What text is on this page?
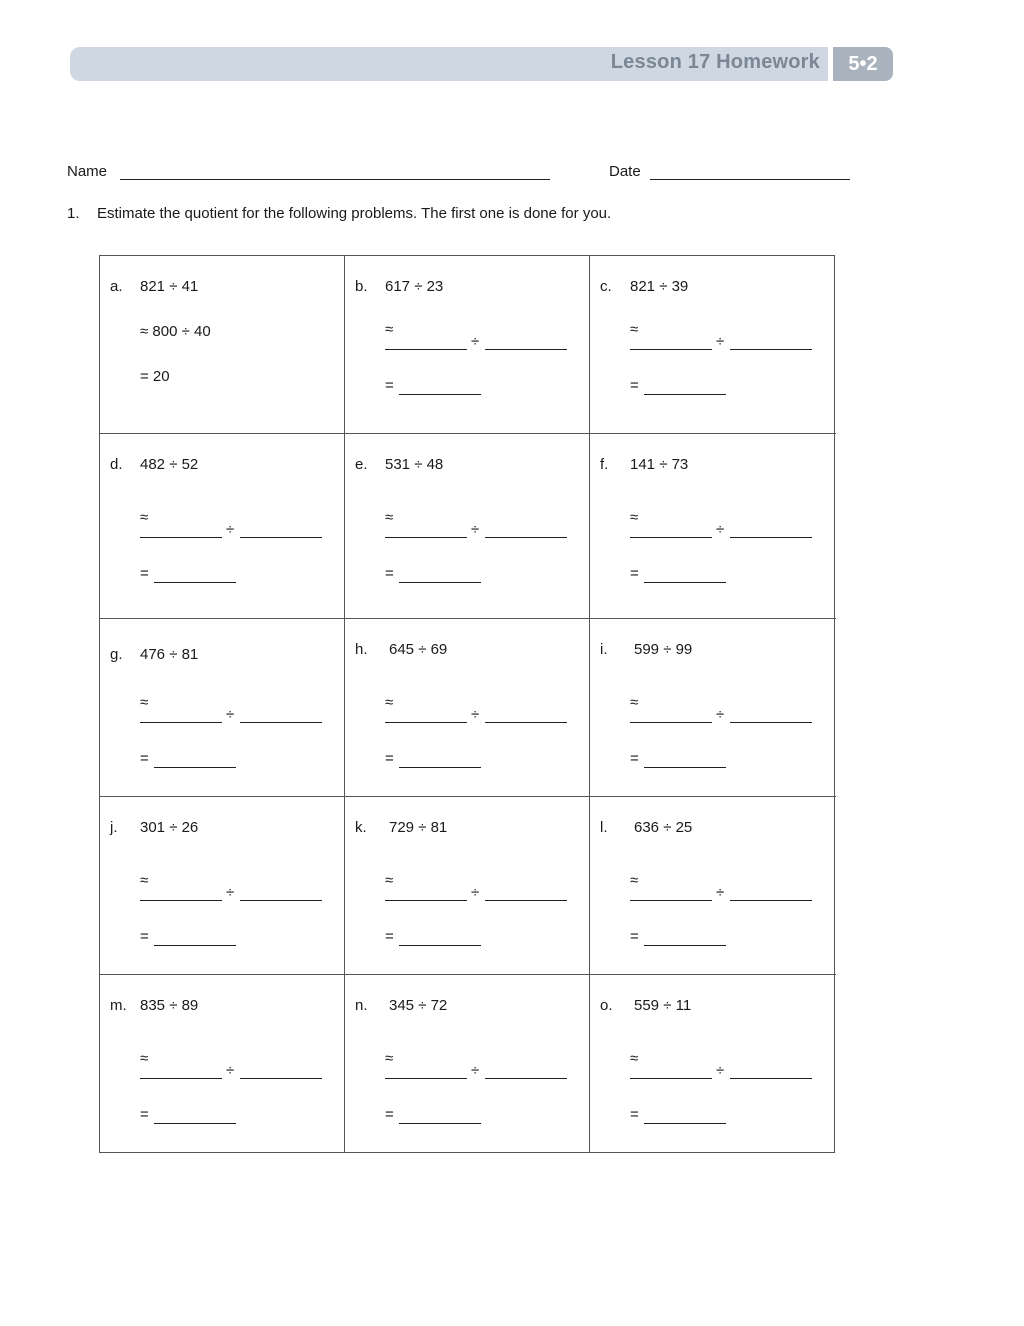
Lesson 17 Homework	5•2
Name	Date
1. Estimate the quotient for the following problems. The first one is done for you.
a. 821 ÷ 41
≈ 800 ÷ 40
= 20
b. 617 ÷ 23
≈
÷
=
c. 821 ÷ 39
≈
÷
=
d. 482 ÷ 52
≈
÷
=
e. 531 ÷ 48
≈
÷
=
f. 141 ÷ 73
≈
÷
=
g. 476 ÷ 81
≈
÷
=
h. 645 ÷ 69
≈
÷
=
i. 599 ÷ 99
≈
÷
=
j. 301 ÷ 26
≈
÷
=
k. 729 ÷ 81
≈
÷
=
l. 636 ÷ 25
≈
÷
=
m. 835 ÷ 89
≈
÷
=
n. 345 ÷ 72
≈
÷
=
o. 559 ÷ 11
≈
÷
=
